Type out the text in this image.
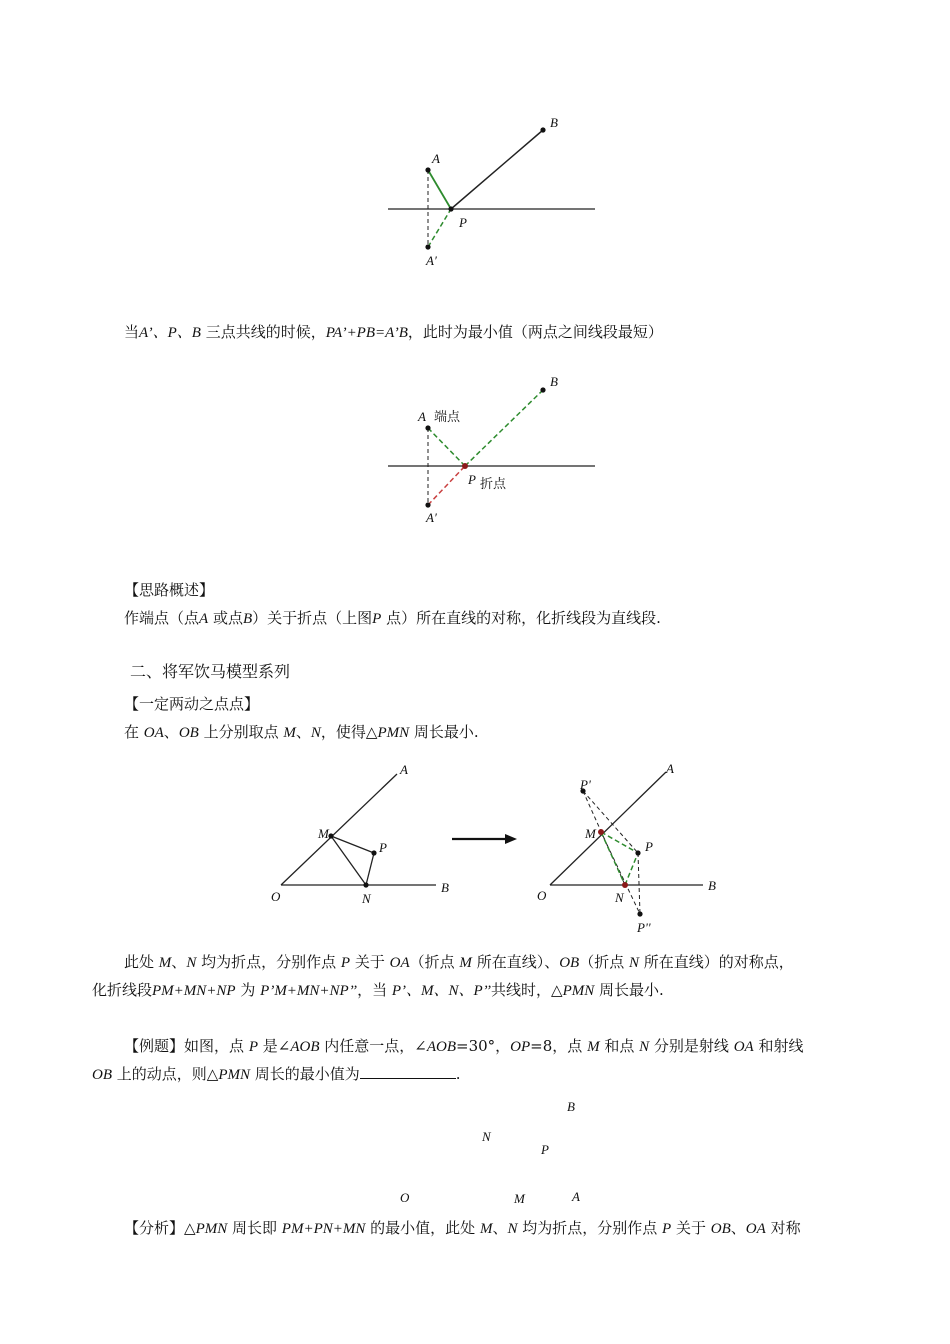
A
B
P
A′
当A’、P、B 三点共线的时候，PA’+PB=A’B，此时为最小值（两点之间线段最短）
A 端点
B
P 折点
A′
【思路概述】
作端点（点A 或点B）关于折点（上图P 点）所在直线的对称，化折线段为直线段.
二、将军饮马模型系列
【一定两动之点点】
在 OA、OB 上分别取点 M、N，使得△PMN 周长最小.
A
B
O
M
N
P
A
B
O
M
N
P
P'
P''
此处 M、N 均为折点，分别作点 P 关于 OA（折点 M 所在直线）、OB（折点 N 所在直线）的对称点，
化折线段PM+MN+NP 为 P’M+MN+NP’’，当 P’、M、N、P’’共线时，△PMN 周长最小.
【例题】如图，点 P 是∠AOB 内任意一点，∠AOB=30°，OP=8，点 M 和点 N 分别是射线 OA 和射线
OB 上的动点，则△PMN 周长的最小值为	.
B
N
P
O	M	A
【分析】△PMN 周长即 PM+PN+MN 的最小值，此处 M、N 均为折点，分别作点 P 关于 OB、OA 对称
